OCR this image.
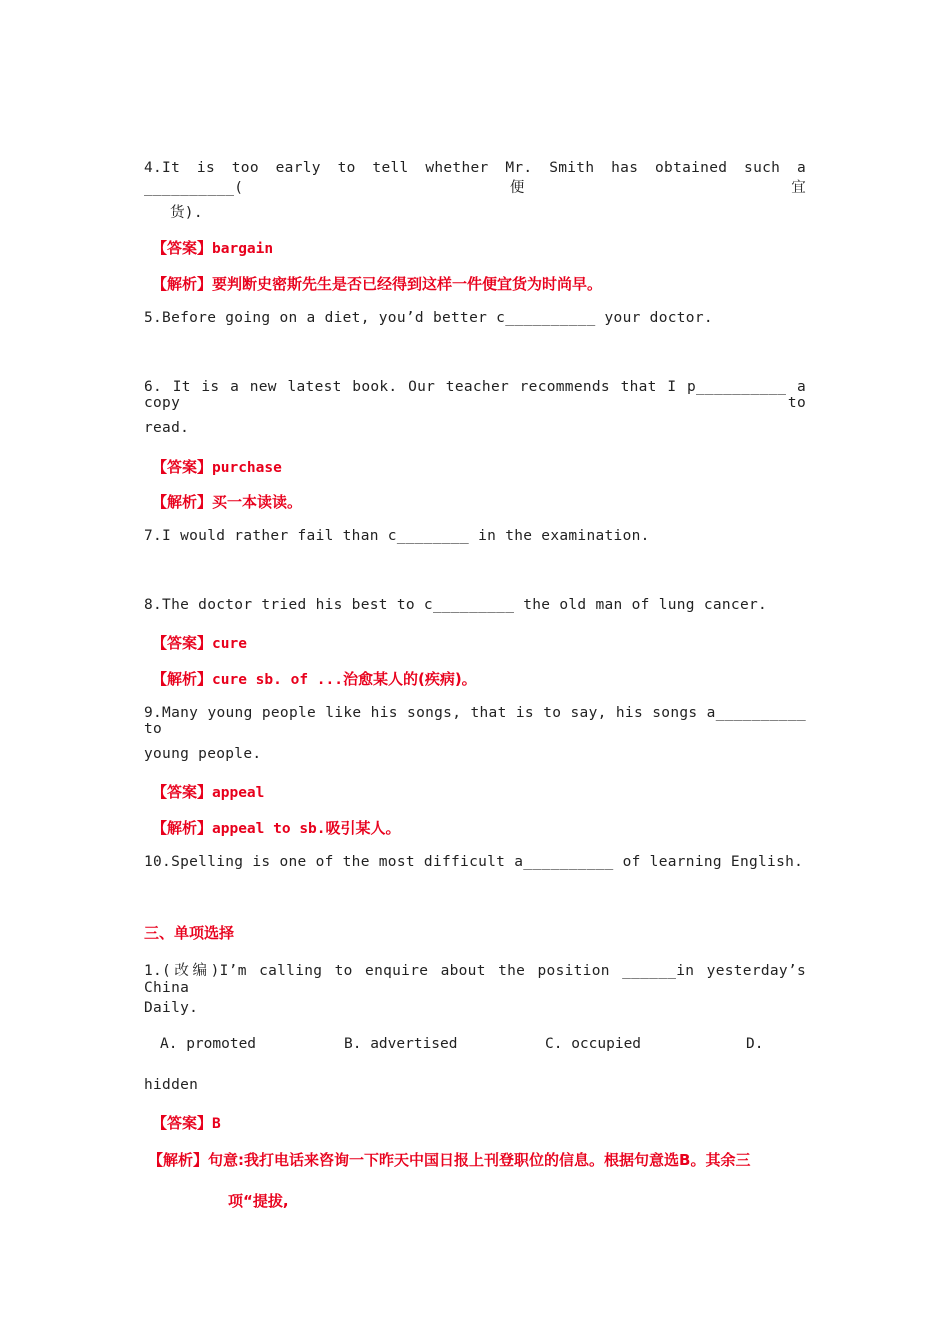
4.It is too early to tell whether Mr. Smith has obtained such a __________(便宜
货).
【答案】bargain
【解析】要判断史密斯先生是否已经得到这样一件便宜货为时尚早。
5.Before going on a diet, you’d better c__________ your doctor.
6. It is a new latest book. Our teacher recommends that I p__________ a copy to
read.
【答案】purchase
【解析】买一本读读。
7.I would rather fail than c________ in the examination.
8.The doctor tried his best to c_________ the old man of lung cancer.
【答案】cure
【解析】cure sb. of ...治愈某人的(疾病)。
9.Many young people like his songs, that is to say, his songs a__________ to
young people.
【答案】appeal
【解析】appeal to sb.吸引某人。
10.Spelling is one of the most difficult a__________ of learning English.
三、单项选择
1.(改编)I’m calling to enquire about the position ______in yesterday’s China
Daily.
A. promoted	B. advertised	C. occupied	D.
hidden
【答案】B
【解析】句意:我打电话来咨询一下昨天中国日报上刊登职位的信息。根据句意选B。其余三
项“提拔,
